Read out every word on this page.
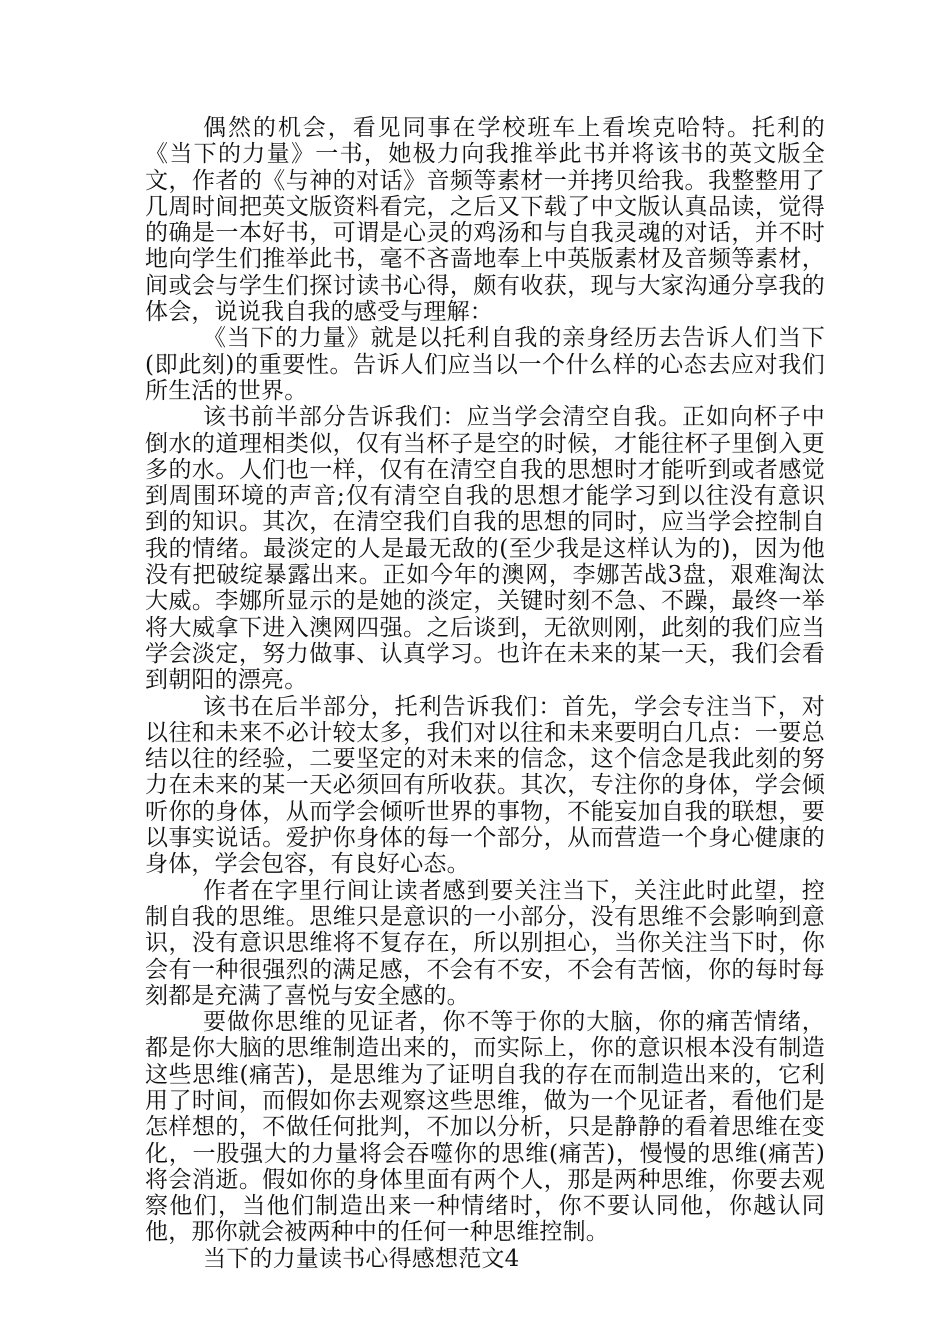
偶然的机会，看见同事在学校班车上看埃克哈特。托利的《当下的力量》一书，她极力向我推举此书并将该书的英文版全文，作者的《与神的对话》音频等素材一并拷贝给我。我整整用了几周时间把英文版资料看完，之后又下载了中文版认真品读，觉得的确是一本好书，可谓是心灵的鸡汤和与自我灵魂的对话，并不时地向学生们推举此书，毫不吝啬地奉上中英版素材及音频等素材，间或会与学生们探讨读书心得，颇有收获，现与大家沟通分享我的体会，说说我自我的感受与理解：

《当下的力量》就是以托利自我的亲身经历去告诉人们当下(即此刻)的重要性。告诉人们应当以一个什么样的心态去应对我们所生活的世界。

该书前半部分告诉我们：应当学会清空自我。正如向杯子中倒水的道理相类似，仅有当杯子是空的时候，才能往杯子里倒入更多的水。人们也一样，仅有在清空自我的思想时才能听到或者感觉到周围环境的声音;仅有清空自我的思想才能学习到以往没有意识到的知识。其次，在清空我们自我的思想的同时，应当学会控制自我的情绪。最淡定的人是最无敌的(至少我是这样认为的)，因为他没有把破绽暴露出来。正如今年的澳网，李娜苦战3盘，艰难淘汰大威。李娜所显示的是她的淡定，关键时刻不急、不躁，最终一举将大威拿下进入澳网四强。之后谈到，无欲则刚，此刻的我们应当学会淡定，努力做事、认真学习。也许在未来的某一天，我们会看到朝阳的漂亮。

该书在后半部分，托利告诉我们：首先，学会专注当下，对以往和未来不必计较太多，我们对以往和未来要明白几点：一要总结以往的经验，二要坚定的对未来的信念，这个信念是我此刻的努力在未来的某一天必须回有所收获。其次，专注你的身体，学会倾听你的身体，从而学会倾听世界的事物，不能妄加自我的联想，要以事实说话。爱护你身体的每一个部分，从而营造一个身心健康的身体，学会包容，有良好心态。

作者在字里行间让读者感到要关注当下，关注此时此望，控制自我的思维。思维只是意识的一小部分，没有思维不会影响到意识，没有意识思维将不复存在，所以别担心，当你关注当下时，你会有一种很强烈的满足感，不会有不安，不会有苦恼，你的每时每刻都是充满了喜悦与安全感的。

要做你思维的见证者，你不等于你的大脑，你的痛苦情绪，都是你大脑的思维制造出来的，而实际上，你的意识根本没有制造这些思维(痛苦)，是思维为了证明自我的存在而制造出来的，它利用了时间，而假如你去观察这些思维，做为一个见证者，看他们是怎样想的，不做任何批判，不加以分析，只是静静的看着思维在变化，一股强大的力量将会吞噬你的思维(痛苦)，慢慢的思维(痛苦)将会消逝。假如你的身体里面有两个人，那是两种思维，你要去观察他们，当他们制造出来一种情绪时，你不要认同他，你越认同他，那你就会被两种中的任何一种思维控制。

当下的力量读书心得感想范文4
